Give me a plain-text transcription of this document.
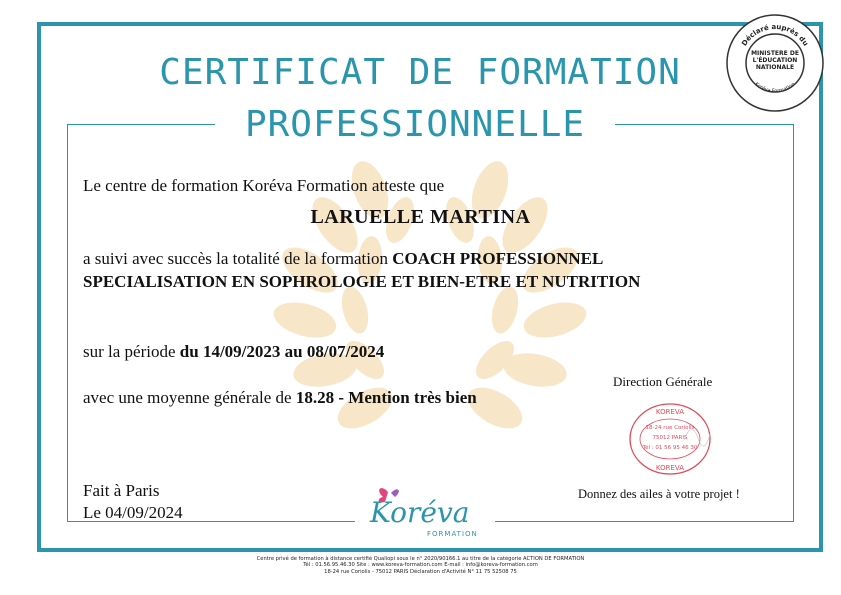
CERTIFICAT DE FORMATION
PROFESSIONNELLE
Déclaré auprès du
Koréva Formation
MINISTÈRE DE L'ÉDUCATION NATIONALE
Le centre de formation Koréva Formation atteste que
LARUELLE MARTINA
a suivi avec succès la totalité de la formation COACH PROFESSIONNEL
SPECIALISATION EN SOPHROLOGIE ET BIEN-ETRE ET NUTRITION
sur la période du 14/09/2023 au 08/07/2024
avec une moyenne générale de 18.28 - Mention très bien
Direction Générale
KOREVA
18-24 rue Coriolis
75012 PARIS
Tél : 01 56 95 46 30
KOREVA
Fait à Paris
Le 04/09/2024
Donnez des ailes à votre projet !
Koréva
FORMATION
Centre privé de formation à distance certifié Qualiopi sous le n° 2020/90166.1 au titre de la catégorie ACTION DE FORMATION
Tél : 01.56.95.46.30 Site : www.koreva-formation.com E-mail : info@koreva-formation.com
18-24 rue Coriolis - 75012 PARIS Déclaration d'Activité N° 11 75 52508 75
